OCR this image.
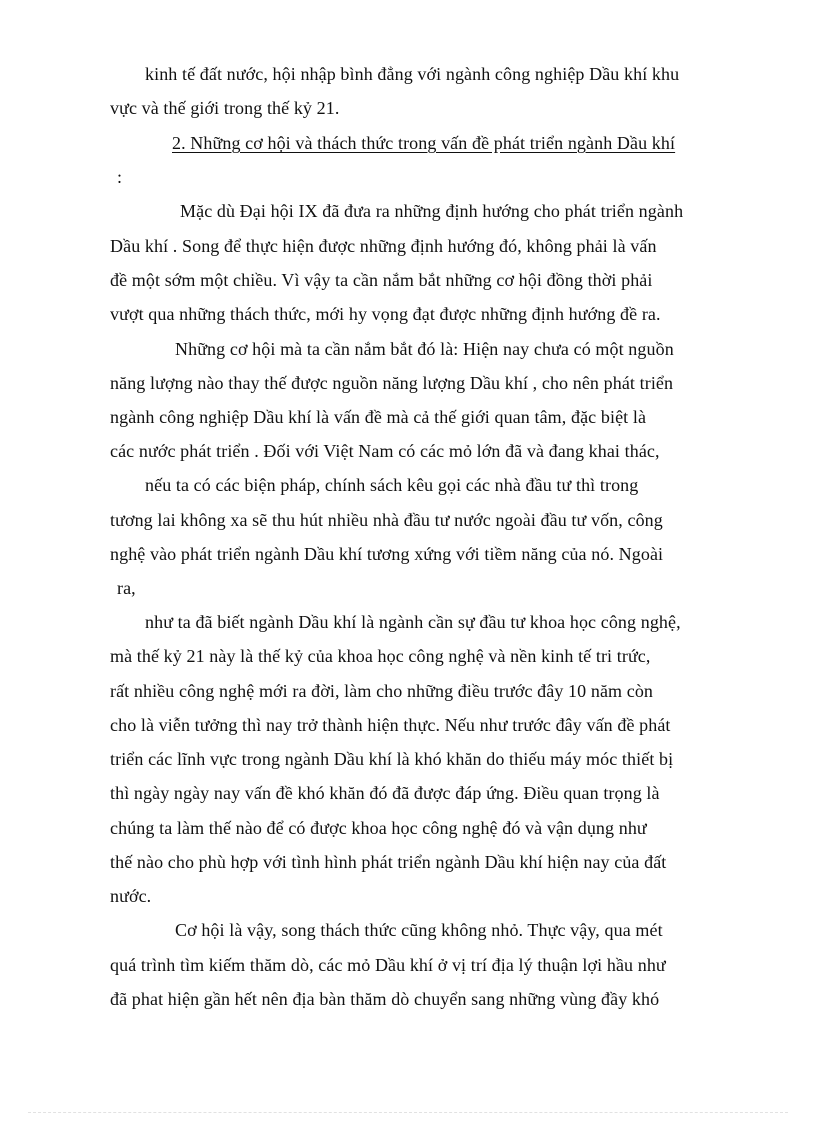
kinh tế đất nước, hội nhập bình đẳng với ngành công nghiệp Dầu khí khu
vực và thế giới trong thế kỷ 21.
2. Những cơ hội và thách thức trong vấn đề phát triển ngành Dầu khí
:
Mặc dù Đại hội IX đã đưa ra những định hướng cho phát triển ngành
Dầu khí . Song để thực hiện được những định hướng đó, không phải là vấn
đề một sớm một chiều. Vì vậy ta cần nắm bắt những cơ hội đồng thời phải
vượt qua những thách thức, mới hy vọng đạt được những định hướng đề ra.
Những cơ hội mà ta cần nắm bắt đó là: Hiện nay chưa có một nguồn
năng lượng nào thay thế được nguồn năng lượng Dầu khí , cho nên phát triển
ngành công nghiệp Dầu khí là vấn đề mà cả thế giới quan tâm, đặc biệt là
các nước phát triển . Đối với Việt Nam có các mỏ lớn đã và đang khai thác,
nếu ta có các biện pháp, chính sách kêu gọi các nhà đầu tư thì trong
tương lai không xa sẽ thu hút nhiều nhà đầu tư nước ngoài đầu tư vốn, công
nghệ vào phát triển ngành Dầu khí tương xứng với tiềm năng của nó. Ngoài
ra,
như ta đã biết ngành Dầu khí là ngành cần sự đầu tư khoa học công nghệ,
mà thế kỷ 21 này là thế kỷ của khoa học công nghệ và nền kinh tế tri trức,
rất nhiều công nghệ mới ra đời, làm cho những điều trước đây 10 năm còn
cho là viễn tưởng thì nay trở thành hiện thực. Nếu như trước đây vấn đề phát
triển các lĩnh vực trong ngành Dầu khí là khó khăn do thiếu máy móc thiết bị
thì ngày ngày nay vấn đề khó khăn đó đã được đáp ứng. Điều quan trọng là
chúng ta làm thế nào để có được khoa học công nghệ đó và vận dụng như
thế nào cho phù hợp với tình hình phát triển ngành Dầu khí hiện nay của đất
nước.
Cơ hội là vậy, song thách thức cũng không nhỏ. Thực vậy, qua mét
quá trình tìm kiếm thăm dò, các mỏ Dầu khí ở vị trí địa lý thuận lợi hầu như
đã phat hiện gần hết nên địa bàn thăm dò chuyển sang những vùng đầy khó
